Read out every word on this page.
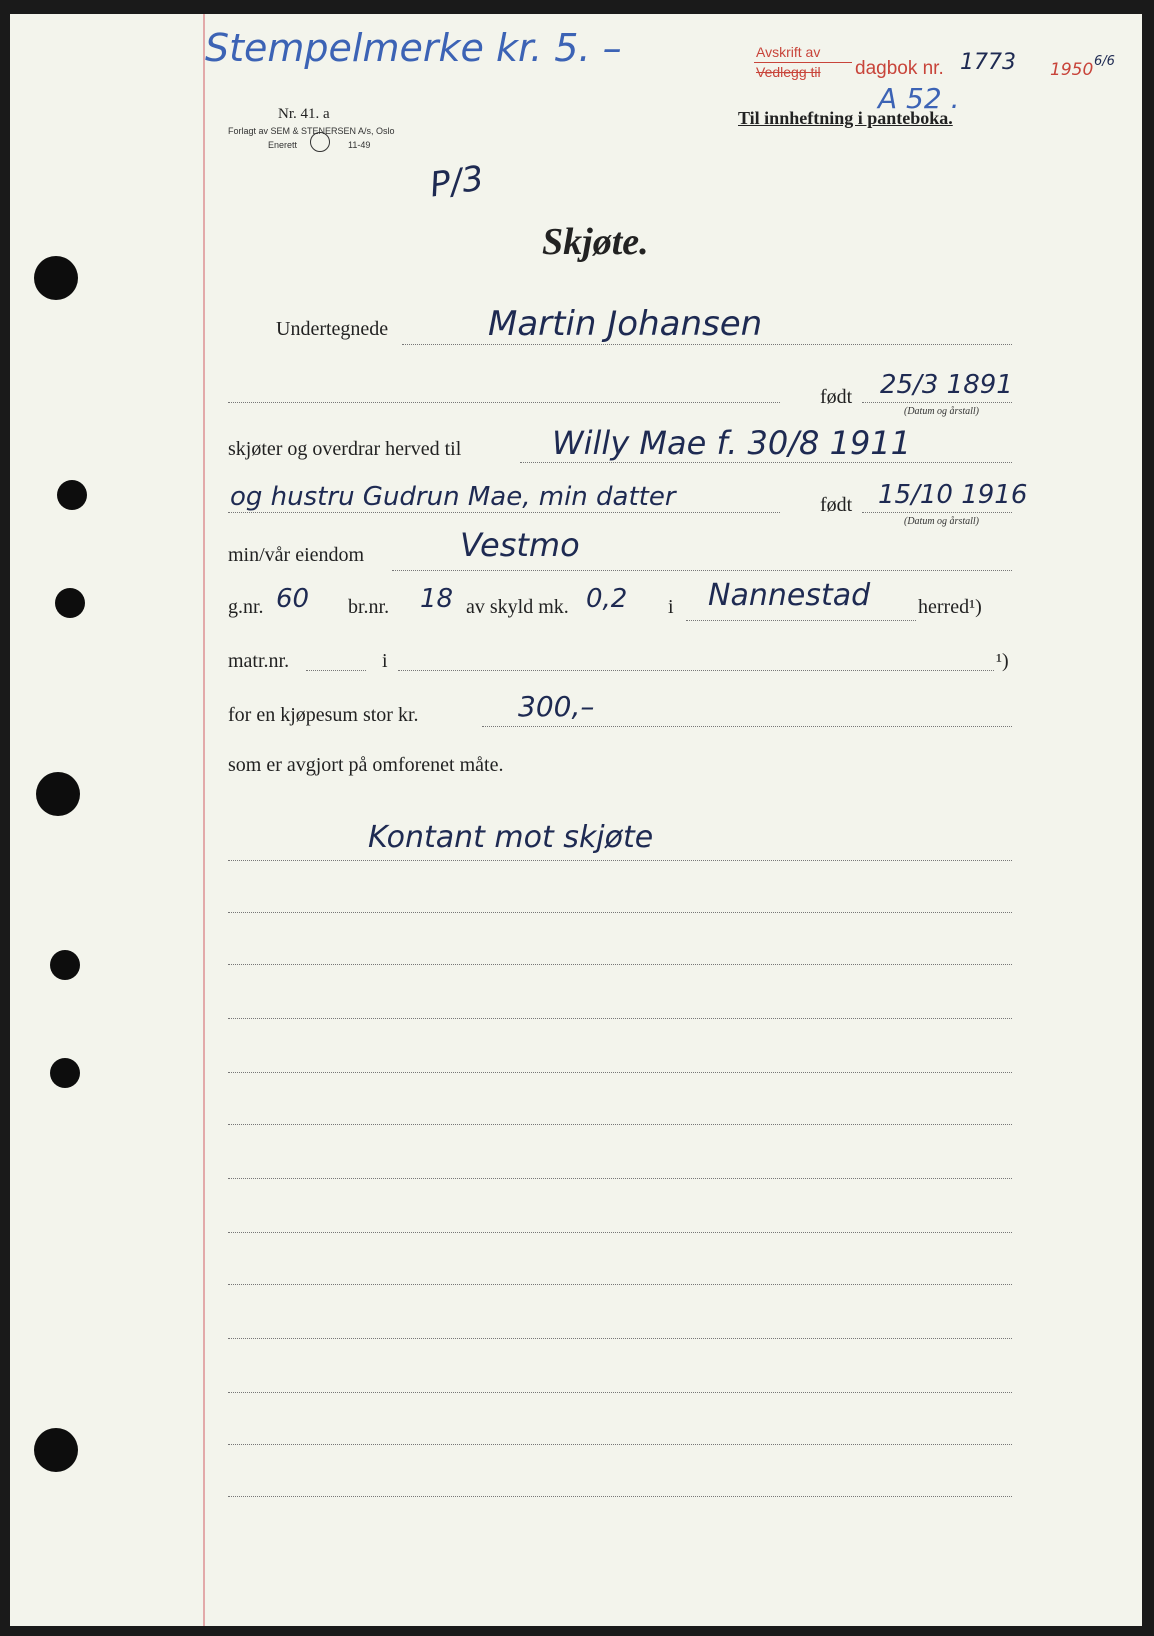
Stempelmerke kr. 5. –
Nr. 41. a
Forlagt av SEM & STENERSEN A/s, Oslo
Enerett	11-49
Avskrift av
Vedlegg til dagbok nr. 1773 1950 6/6
A 52 .
Til innheftning i panteboka.
P/3
Skjøte.
Undertegnede	Martin Johansen
født 25/3 1891
(Datum og årstall)
skjøter og overdrar herved til	Willy Mae f. 30/8 1911
og hustru Gudrun Mae, min datter	født 15/10 1916
(Datum og årstall)
min/vår eiendom	Vestmo
g.nr. 60 br.nr. 18 av skyld mk. 0,2 i Nannestad herred¹)
matr.nr.	i	¹)
for en kjøpesum stor kr.	300,–
som er avgjort på omforenet måte.
Kontant mot skjøte
